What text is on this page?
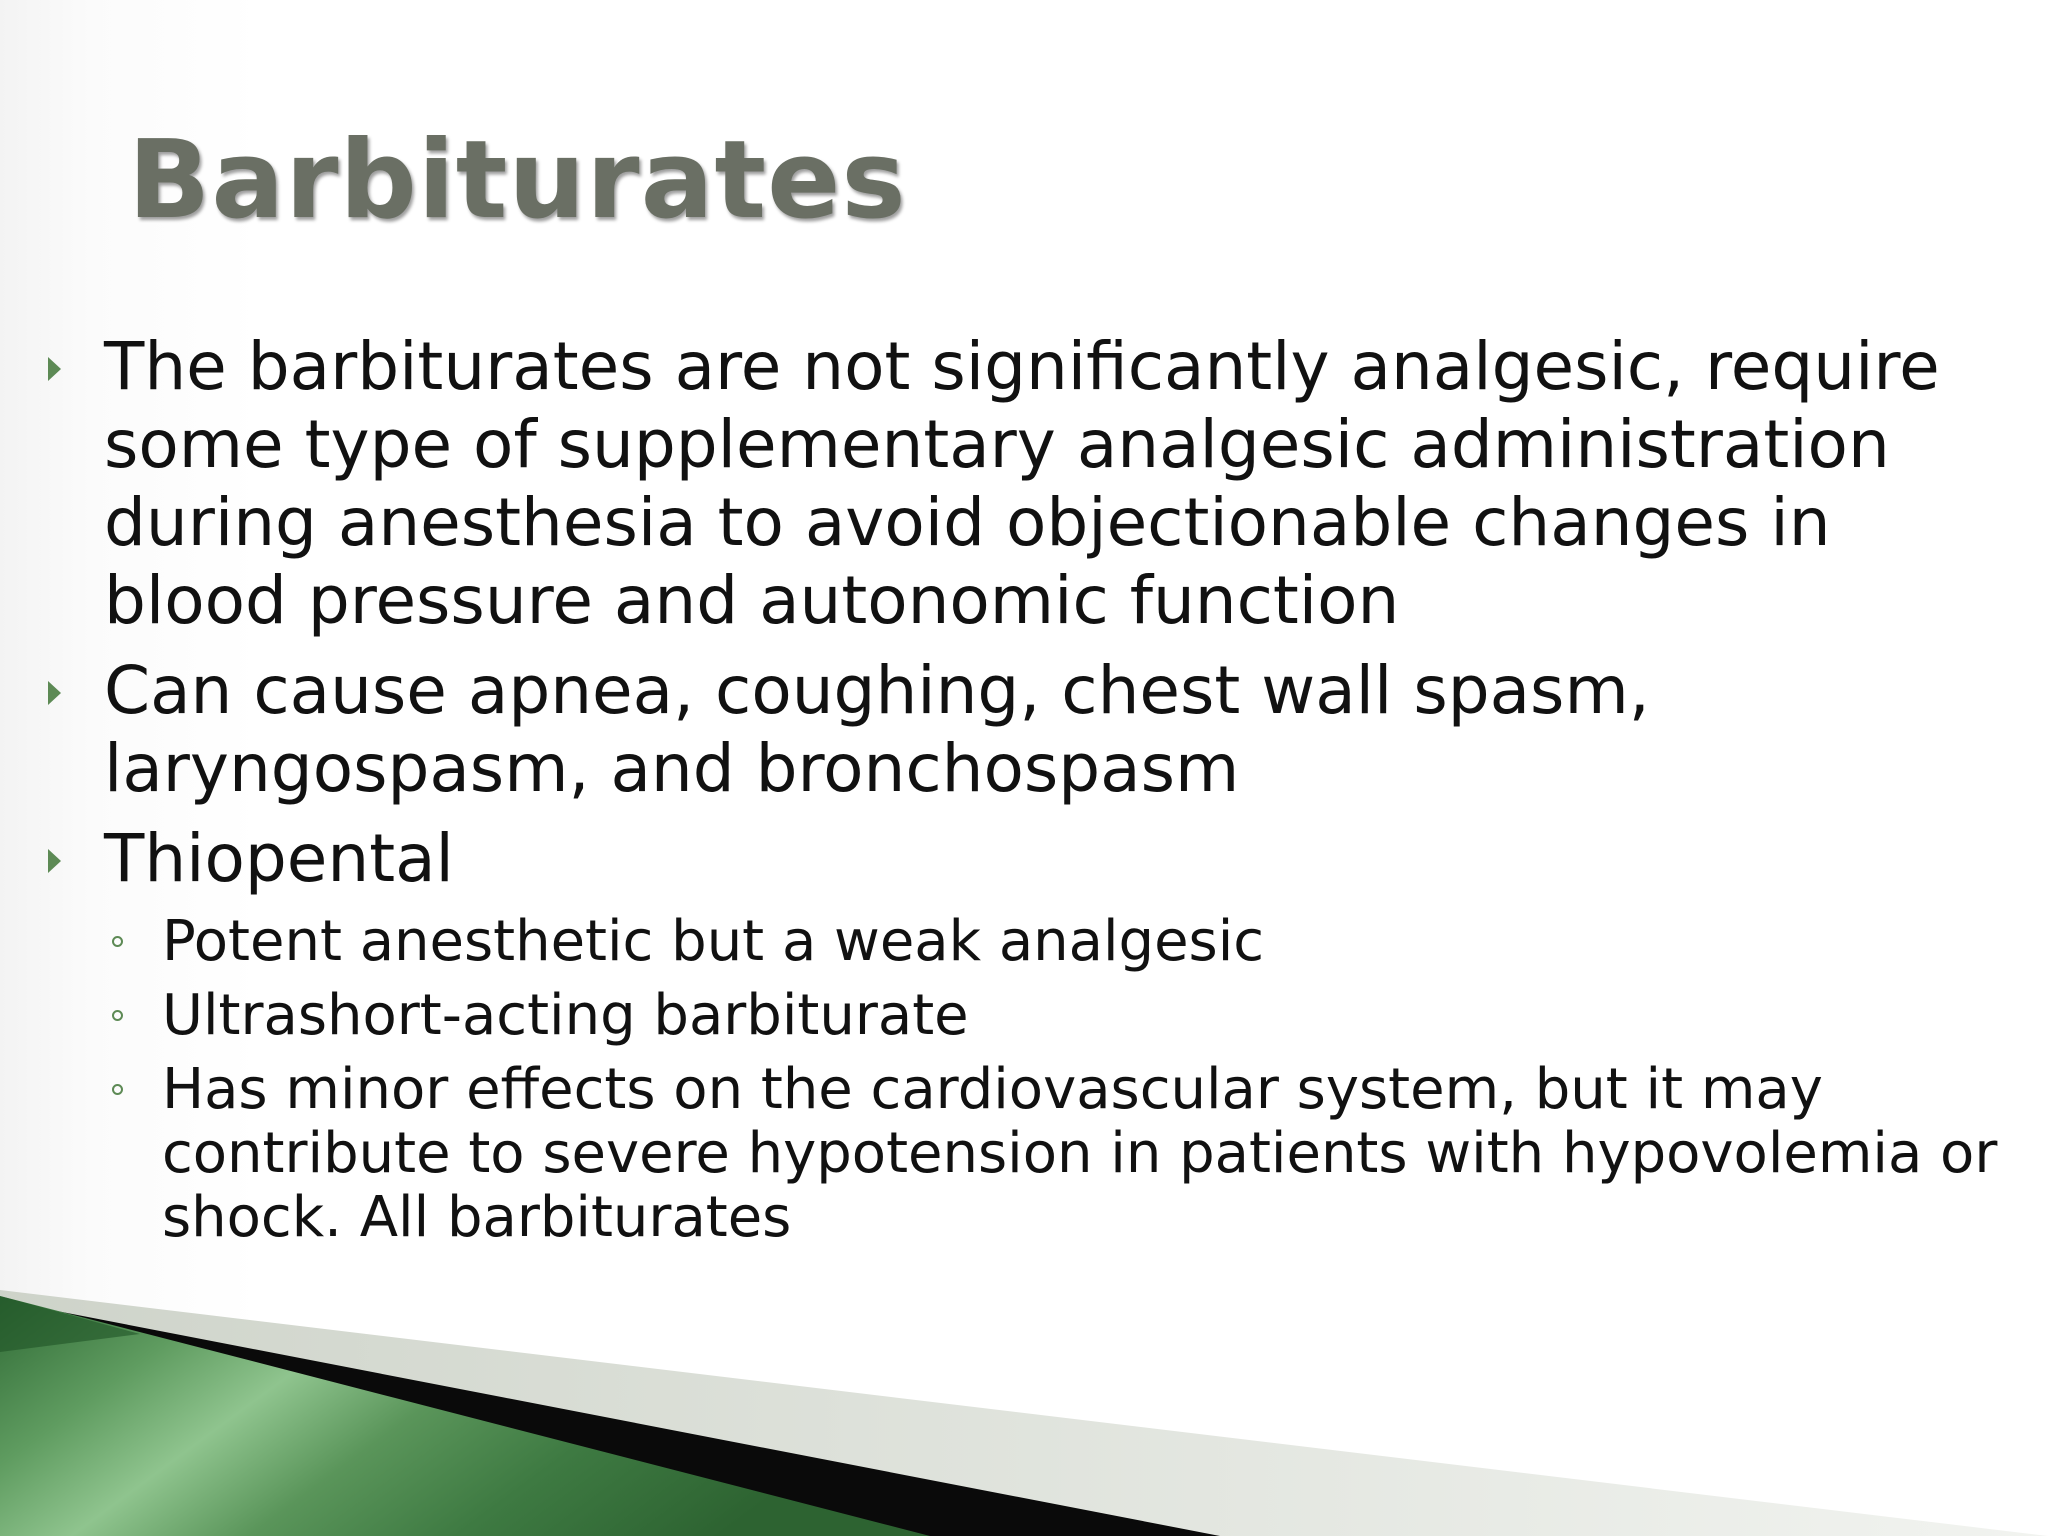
Barbiturates
The barbiturates are not significantly analgesic, require some type of supplementary analgesic administration during anesthesia to avoid objectionable changes in blood pressure and autonomic function
Can cause apnea, coughing, chest wall spasm, laryngospasm, and bronchospasm
Thiopental
Potent anesthetic but a weak analgesic
Ultrashort-acting barbiturate
Has minor effects on the cardiovascular system, but it may contribute to severe hypotension in patients with hypovolemia or shock. All barbiturates
